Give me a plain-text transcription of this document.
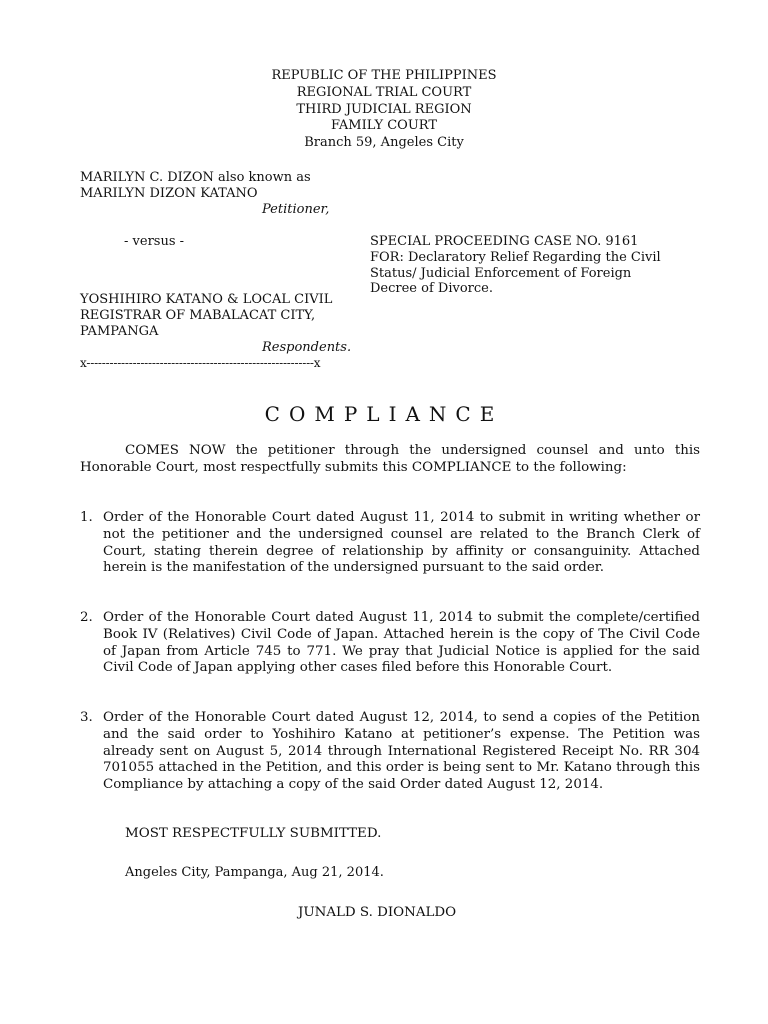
REPUBLIC OF THE PHILIPPINES
REGIONAL TRIAL COURT
THIRD JUDICIAL REGION
FAMILY COURT
Branch 59, Angeles City
MARILYN C. DIZON also known as
MARILYN DIZON KATANO
Petitioner,
- versus -	SPECIAL PROCEEDING CASE NO. 9161
FOR: Declaratory Relief Regarding the Civil
Status/ Judicial Enforcement of Foreign
Decree of Divorce.
YOSHIHIRO KATANO & LOCAL CIVIL
REGISTRAR OF MABALACAT CITY,
PAMPANGA
Respondents.
x-----------------------------------------------------------x
COMPLIANCE

COMES NOW the petitioner through the undersigned counsel and unto this Honorable Court, most respectfully submits this COMPLIANCE to the following:

1. Order of the Honorable Court dated August 11, 2014 to submit in writing whether or not the petitioner and the undersigned counsel are related to the Branch Clerk of Court, stating therein degree of relationship by affinity or consanguinity. Attached herein is the manifestation of the undersigned pursuant to the said order.
2. Order of the Honorable Court dated August 11, 2014 to submit the complete/certified Book IV (Relatives) Civil Code of Japan. Attached herein is the copy of The Civil Code of Japan from Article 745 to 771. We pray that Judicial Notice is applied for the said Civil Code of Japan applying other cases filed before this Honorable Court.
3. Order of the Honorable Court dated August 12, 2014, to send a copies of the Petition and the said order to Yoshihiro Katano at petitioner’s expense. The Petition was already sent on August 5, 2014 through International Registered Receipt No. RR 304 701055 attached in the Petition, and this order is being sent to Mr. Katano through this Compliance by attaching a copy of the said Order dated August 12, 2014.
MOST RESPECTFULLY SUBMITTED.
Angeles City, Pampanga, Aug 21, 2014.
JUNALD S. DIONALDO
